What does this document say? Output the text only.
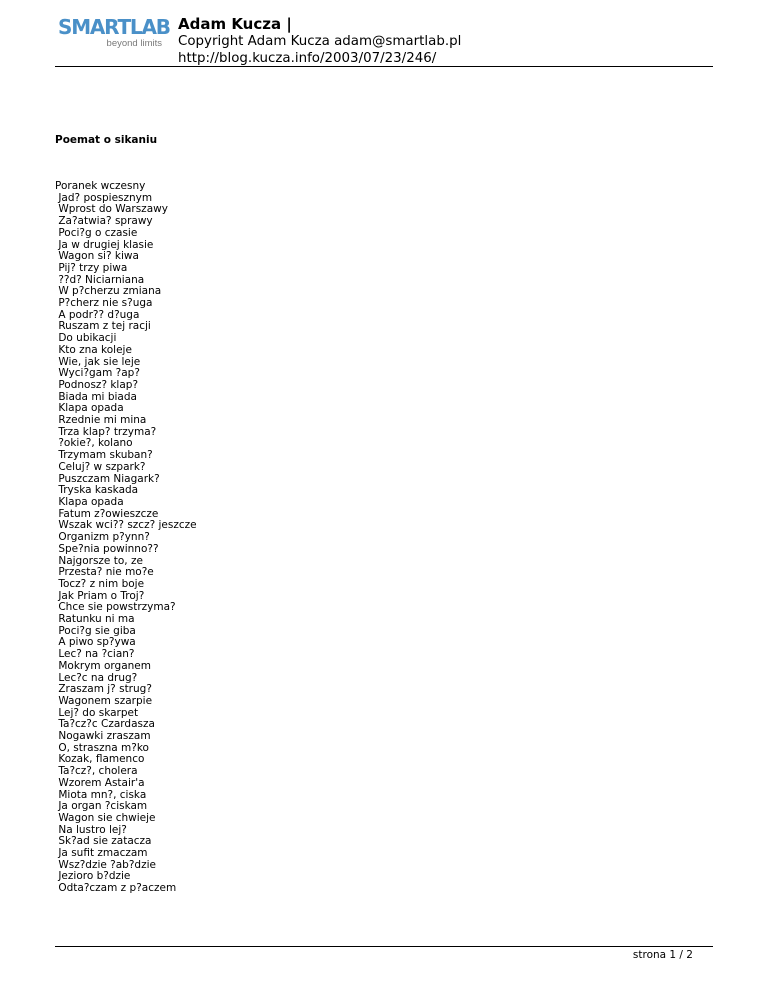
SMARTLAB
beyond limits

Adam Kucza |

Copyright Adam Kucza adam@smartlab.pl

http://blog.kucza.info/2003/07/23/246/

Poemat o sikaniu

Poranek wczesny
Jad? pospiesznym
Wprost do Warszawy
Za?atwia? sprawy
Poci?g o czasie
Ja w drugiej klasie
Wagon si? kiwa
Pij? trzy piwa
??d? Niciarniana
W p?cherzu zmiana
P?cherz nie s?uga
A podr?? d?uga
Ruszam z tej racji
Do ubikacji
Kto zna koleje
Wie, jak sie leje
Wyci?gam ?ap?
Podnosz? klap?
Biada mi biada
Klapa opada
Rzednie mi mina
Trza klap? trzyma?
?okie?, kolano
Trzymam skuban?
Celuj? w szpark?
Puszczam Niagark?
Tryska kaskada
Klapa opada
Fatum z?owieszcze
Wszak wci?? szcz? jeszcze
Organizm p?ynn?
Spe?nia powinno??
Najgorsze to, ze
Przesta? nie mo?e
Tocz? z nim boje
Jak Priam o Troj?
Chce sie powstrzyma?
Ratunku ni ma
Poci?g sie giba
A piwo sp?ywa
Lec? na ?cian?
Mokrym organem
Lec?c na drug?
Zraszam j? strug?
Wagonem szarpie
Lej? do skarpet
Ta?cz?c Czardasza
Nogawki zraszam
O, straszna m?ko
Kozak, flamenco
Ta?cz?, cholera
Wzorem Astair'a
Miota mn?, ciska
Ja organ ?ciskam
Wagon sie chwieje
Na lustro lej?
Sk?ad sie zatacza
Ja sufit zmaczam
Wsz?dzie ?ab?dzie
Jezioro b?dzie
Odta?czam z p?aczem
strona 1 / 2
